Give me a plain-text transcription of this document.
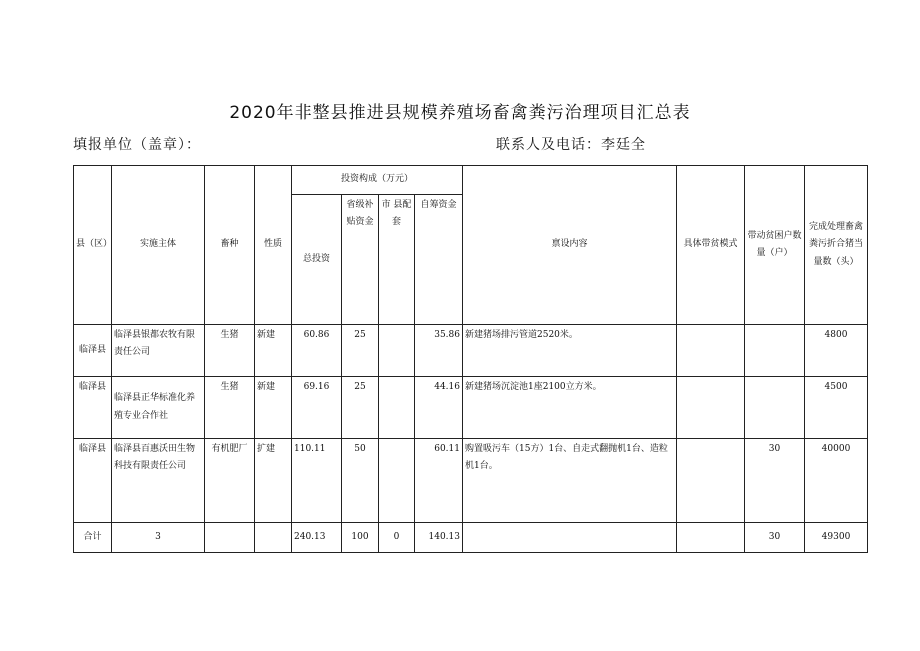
2020年非整县推进县规模养殖场畜禽粪污治理项目汇总表
填报单位（盖章）：	联系人及电话：李廷全
县（区）	实施主体	畜种	性质	投资构成（万元）				禀设内容	具体带贫模式	带动贫困户数量（户）	完成处理畜禽粪污折合猪当量数（头）
				总投资	省级补贴资金	市 县配套	自筹资金				
临泽县	临泽县银都农牧有限责任公司	生猪	新建	60.86	25		35.86	新建猪场排污管道2520米。			4800
临泽县	临泽县正华标准化养殖专业合作社	生猪	新建	69.16	25		44.16	新建猪场沉淀池1座2100立方米。			4500
临泽县	临泽县百惠沃田生物科技有限责任公司	有机肥厂	扩建	110.11	50		60.11	购置吸污车（15方）1台、自走式翻抛机1台、造粒机1台。		30	40000
合计	3			240.13	100	0	140.13			30	49300
